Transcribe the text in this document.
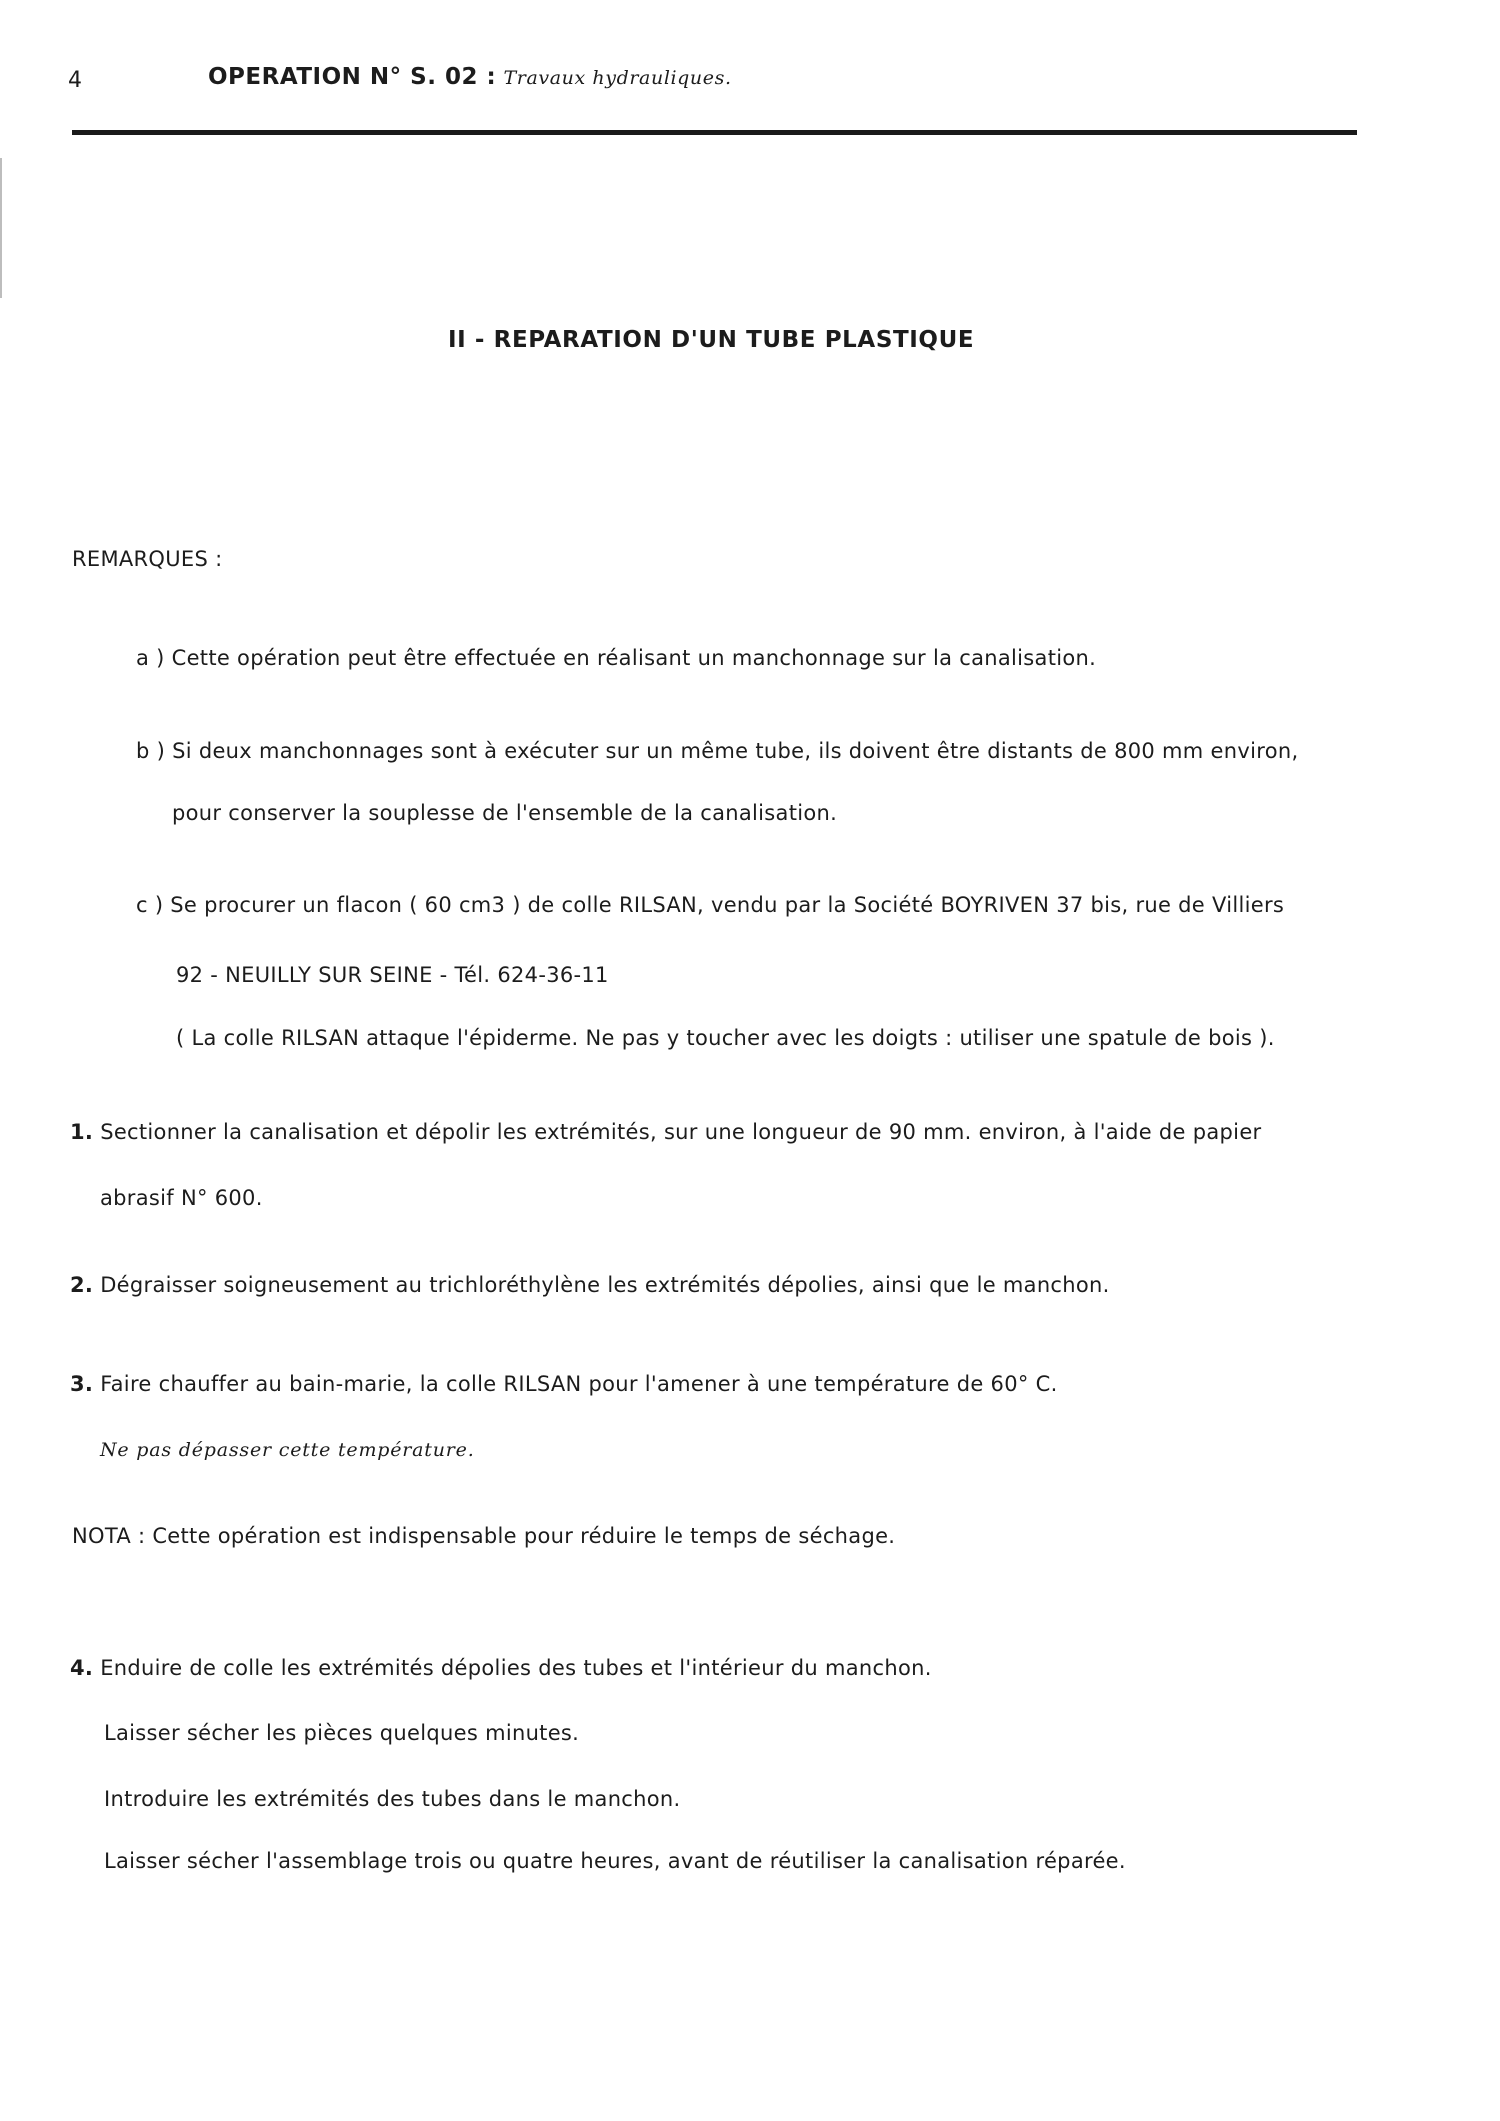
4	OPERATION N° S. 02 : Travaux hydrauliques.
II - REPARATION D'UN TUBE PLASTIQUE
REMARQUES :
a ) Cette opération peut être effectuée en réalisant un manchonnage sur la canalisation.
b ) Si deux manchonnages sont à exécuter sur un même tube, ils doivent être distants de 800 mm environ,
pour conserver la souplesse de l'ensemble de la canalisation.
c ) Se procurer un flacon ( 60 cm3 ) de colle RILSAN, vendu par la Société BOYRIVEN 37 bis, rue de Villiers
92 - NEUILLY SUR SEINE - Tél. 624-36-11
( La colle RILSAN attaque l'épiderme. Ne pas y toucher avec les doigts : utiliser une spatule de bois ).
1. Sectionner la canalisation et dépolir les extrémités, sur une longueur de 90 mm. environ, à l'aide de papier
abrasif N° 600.
2. Dégraisser soigneusement au trichloréthylène les extrémités dépolies, ainsi que le manchon.
3. Faire chauffer au bain-marie, la colle RILSAN pour l'amener à une température de 60° C.
Ne pas dépasser cette température.
NOTA : Cette opération est indispensable pour réduire le temps de séchage.
4. Enduire de colle les extrémités dépolies des tubes et l'intérieur du manchon.
Laisser sécher les pièces quelques minutes.
Introduire les extrémités des tubes dans le manchon.
Laisser sécher l'assemblage trois ou quatre heures, avant de réutiliser la canalisation réparée.
